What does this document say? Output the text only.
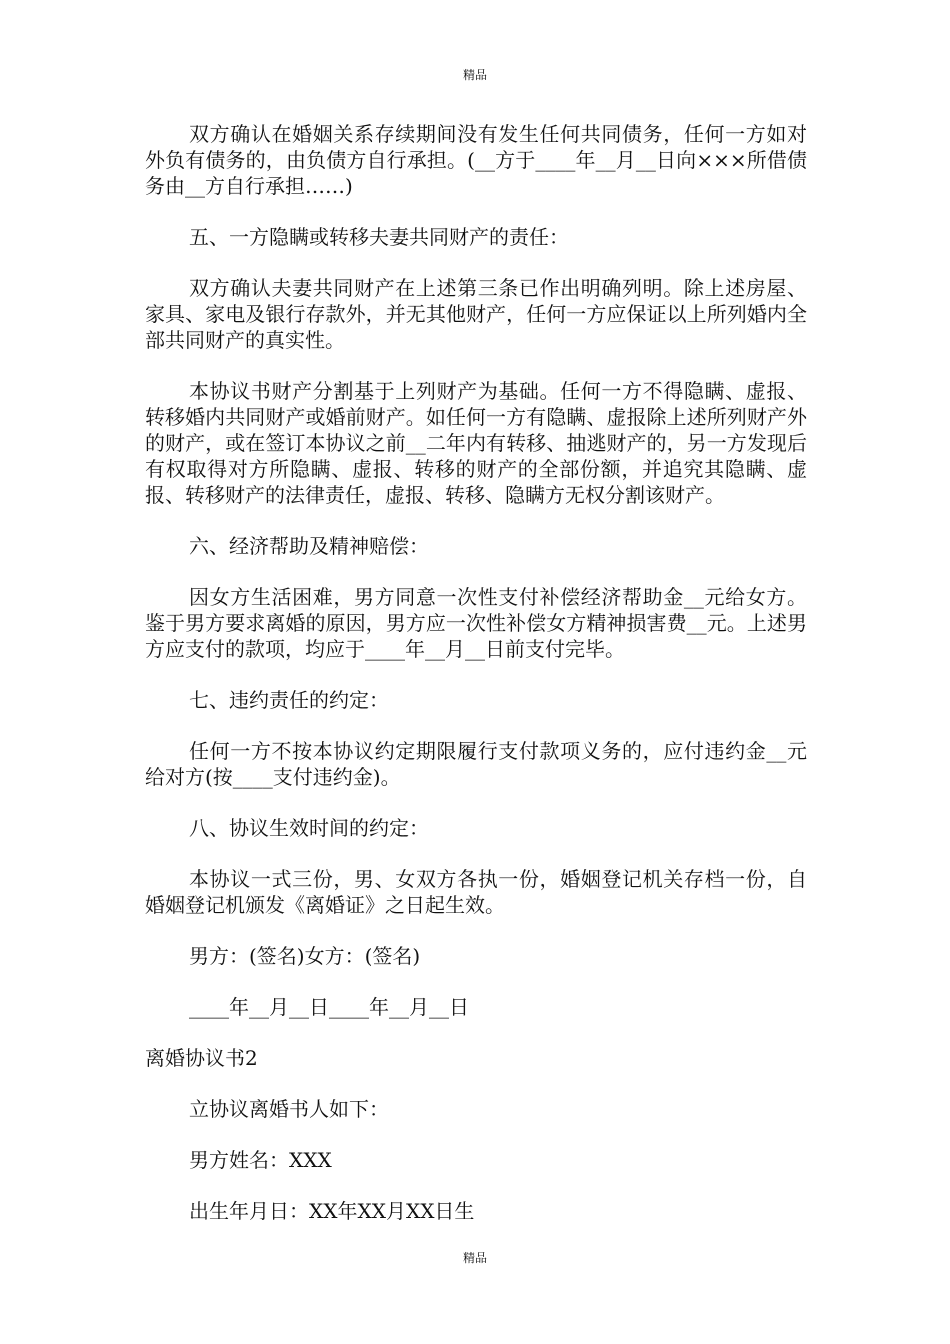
精品

双方确认在婚姻关系存续期间没有发生任何共同债务，任何一方如对外负有债务的，由负债方自行承担。(__方于____年__月__日向×××所借债务由__方自行承担……)

五、一方隐瞒或转移夫妻共同财产的责任：

双方确认夫妻共同财产在上述第三条已作出明确列明。除上述房屋、家具、家电及银行存款外，并无其他财产，任何一方应保证以上所列婚内全部共同财产的真实性。

本协议书财产分割基于上列财产为基础。任何一方不得隐瞒、虚报、转移婚内共同财产或婚前财产。如任何一方有隐瞒、虚报除上述所列财产外的财产，或在签订本协议之前__二年内有转移、抽逃财产的，另一方发现后有权取得对方所隐瞒、虚报、转移的财产的全部份额，并追究其隐瞒、虚报、转移财产的法律责任，虚报、转移、隐瞒方无权分割该财产。

六、经济帮助及精神赔偿：

因女方生活困难，男方同意一次性支付补偿经济帮助金__元给女方。鉴于男方要求离婚的原因，男方应一次性补偿女方精神损害费__元。上述男方应支付的款项，均应于____年__月__日前支付完毕。

七、违约责任的约定：

任何一方不按本协议约定期限履行支付款项义务的，应付违约金__元给对方(按____支付违约金)。

八、协议生效时间的约定：

本协议一式三份，男、女双方各执一份，婚姻登记机关存档一份，自婚姻登记机颁发《离婚证》之日起生效。

男方：(签名)女方：(签名)

____年__月__日____年__月__日

离婚协议书2

立协议离婚书人如下：

男方姓名：XXX

出生年月日：XX年XX月XX日生

精品
